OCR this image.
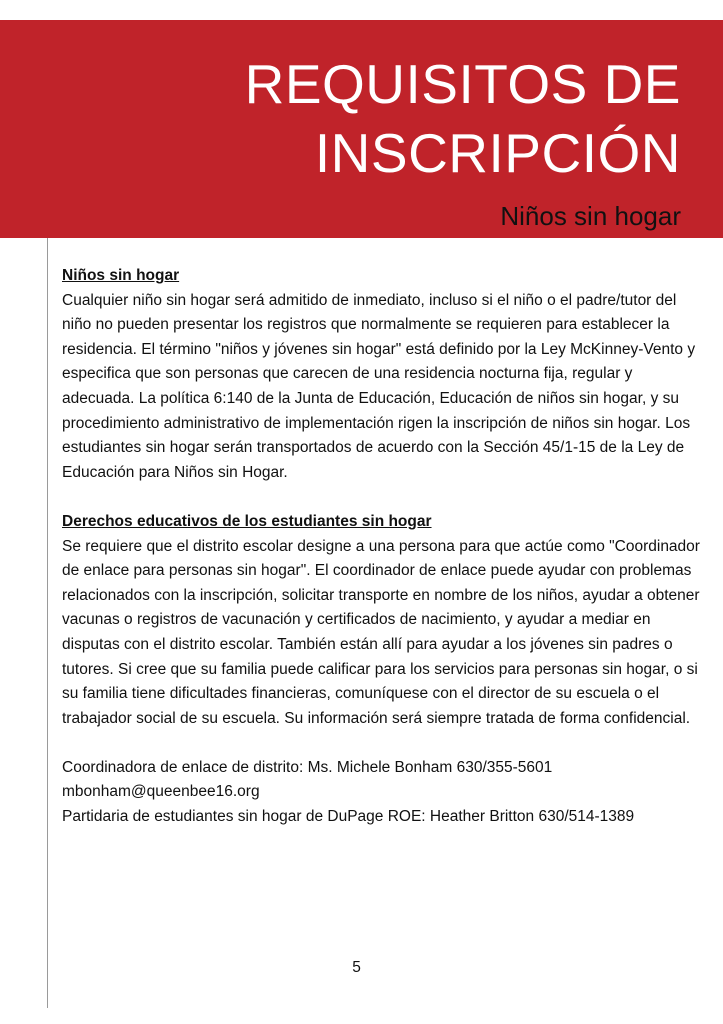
REQUISITOS DE INSCRIPCIÓN
Niños sin hogar

Niños sin hogar

Cualquier niño sin hogar será admitido de inmediato, incluso si el niño o el padre/tutor del niño no pueden presentar los registros que normalmente se requieren para establecer la residencia. El término "niños y jóvenes sin hogar" está definido por la Ley McKinney-Vento y especifica que son personas que carecen de una residencia nocturna fija, regular y adecuada. La política 6:140 de la Junta de Educación, Educación de niños sin hogar, y su procedimiento administrativo de implementación rigen la inscripción de niños sin hogar. Los estudiantes sin hogar serán transportados de acuerdo con la Sección 45/1-15 de la Ley de Educación para Niños sin Hogar.

Derechos educativos de los estudiantes sin hogar

Se requiere que el distrito escolar designe a una persona para que actúe como "Coordinador de enlace para personas sin hogar". El coordinador de enlace puede ayudar con problemas relacionados con la inscripción, solicitar transporte en nombre de los niños, ayudar a obtener vacunas o registros de vacunación y certificados de nacimiento, y ayudar a mediar en disputas con el distrito escolar. También están allí para ayudar a los jóvenes sin padres o tutores. Si cree que su familia puede calificar para los servicios para personas sin hogar, o si su familia tiene dificultades financieras, comuníquese con el director de su escuela o el trabajador social de su escuela. Su información será siempre tratada de forma confidencial.

Coordinadora de enlace de distrito: Ms. Michele Bonham 630/355-5601

mbonham@queenbee16.org

Partidaria de estudiantes sin hogar de DuPage ROE: Heather Britton 630/514-1389

5
